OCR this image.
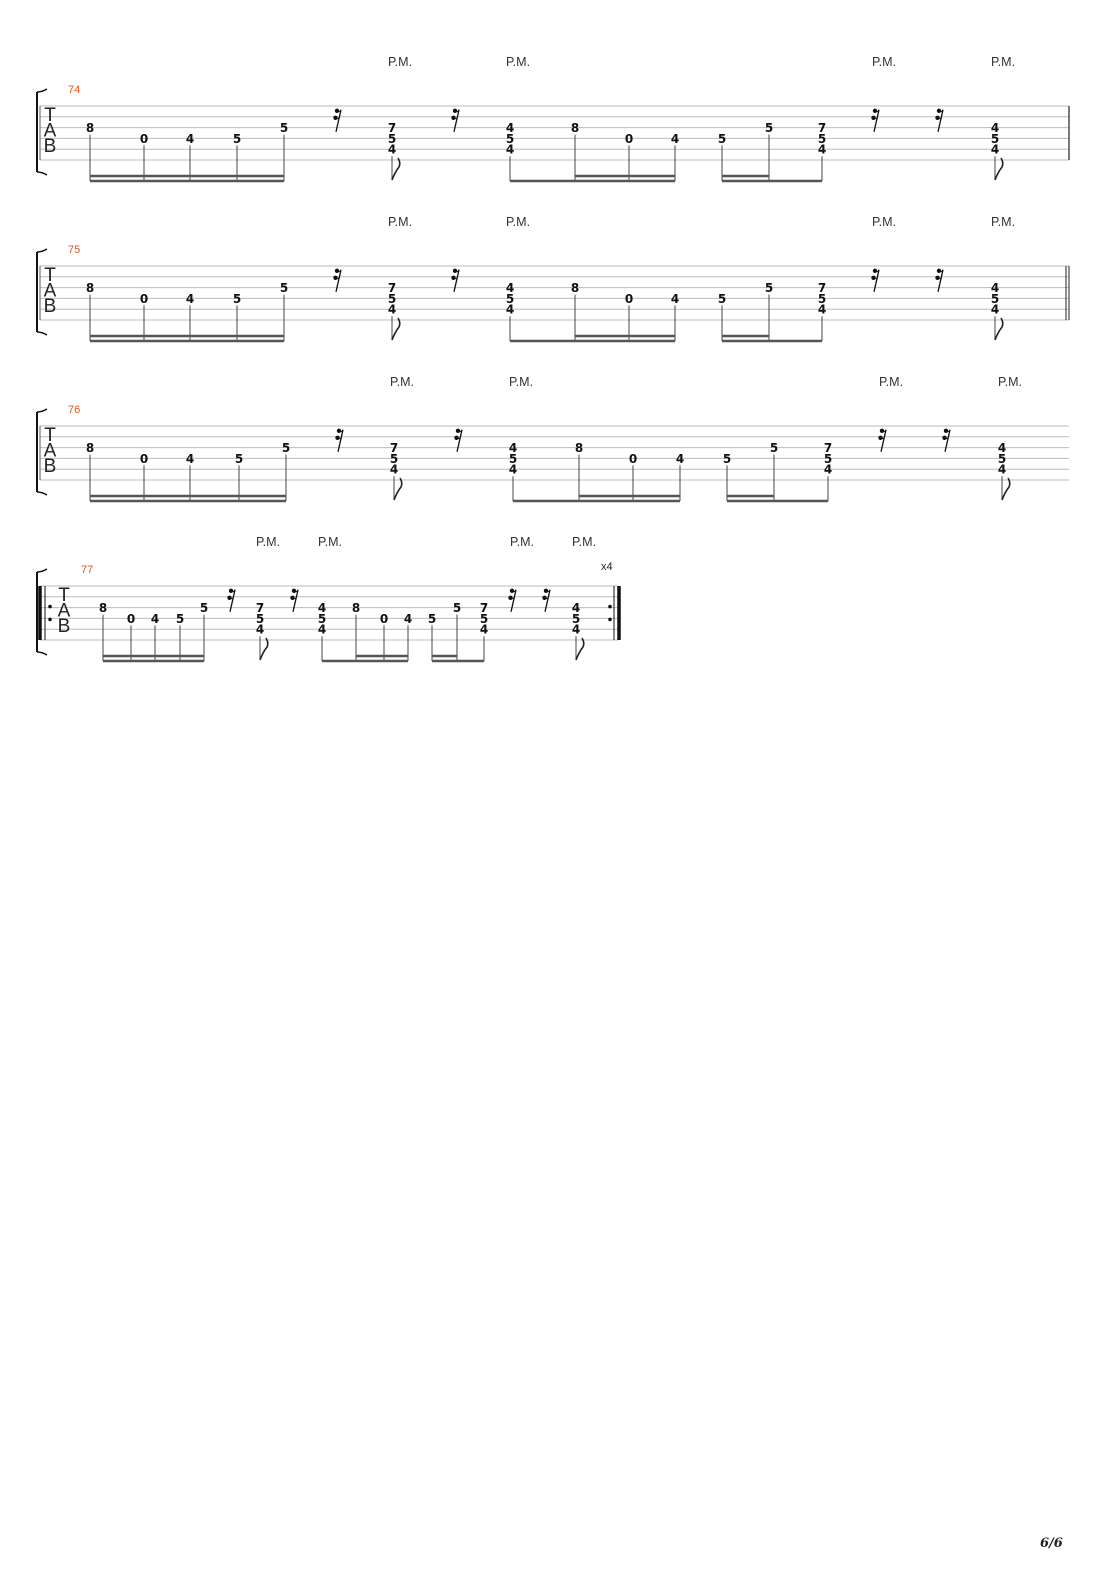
T
A
B
74
P.M.	P.M.	P.M.	P.M.
8
0	4	5
5	7
5
4
4
5
4
8
0	4	5
5	7
5
4
4
5
4
T
A
B
75
P.M.	P.M.	P.M.	P.M.
8
0	4	5
5	7
5
4
4
5
4
8
0	4	5
5	7
5
4
4
5
4
T
A
B
76
P.M.	P.M.	P.M.	P.M.
8
0	4	5
5	7
5
4
4
5
4
8
0	4	5
5	7
5
4
4
5
4
T
A
B
77
P.M.	P.M.	P.M.	P.M.
8
0 4 5
5	7
5
4
4
5
4
8
0 4 5
5 7
5
4
4
5
4
x4
6/6
